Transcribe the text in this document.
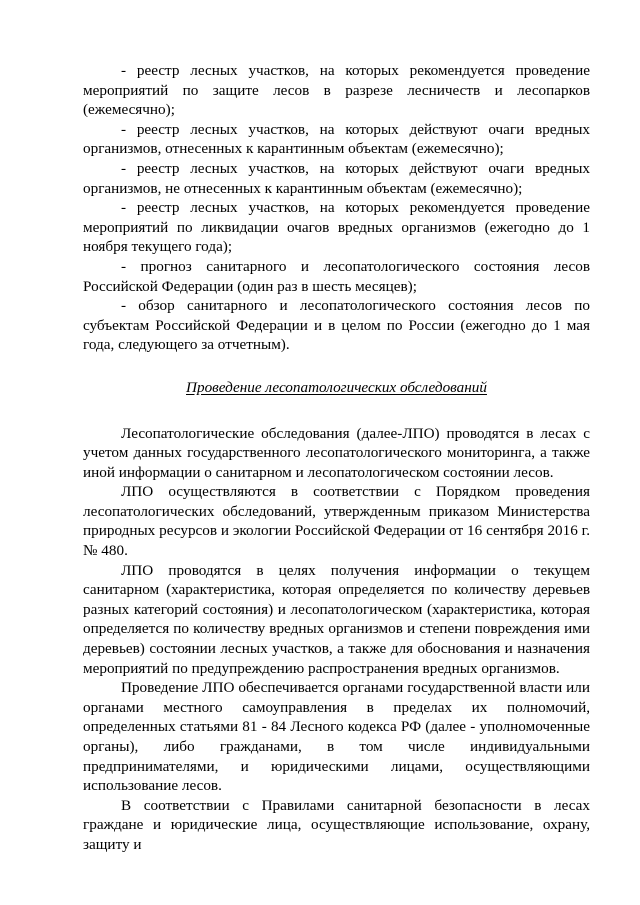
- реестр лесных участков, на которых рекомендуется проведение мероприятий по защите лесов в разрезе лесничеств и лесопарков (ежемесячно);

- реестр лесных участков, на которых действуют очаги вредных организмов, отнесенных к карантинным объектам (ежемесячно);

- реестр лесных участков, на которых действуют очаги вредных организмов, не отнесенных к карантинным объектам (ежемесячно);

- реестр лесных участков, на которых рекомендуется проведение мероприятий по ликвидации очагов вредных организмов (ежегодно до 1 ноября текущего года);

- прогноз санитарного и лесопатологического состояния лесов Российской Федерации (один раз в шесть месяцев);

- обзор санитарного и лесопатологического состояния лесов по субъектам Российской Федерации и в целом по России (ежегодно до 1 мая года, следующего за отчетным).

Проведение лесопатологических обследований

Лесопатологические обследования (далее-ЛПО) проводятся в лесах с учетом данных государственного лесопатологического мониторинга, а также иной информации о санитарном и лесопатологическом состоянии лесов.

ЛПО осуществляются в соответствии с Порядком проведения лесопатологических обследований, утвержденным приказом Министерства природных ресурсов и экологии Российской Федерации от 16 сентября 2016 г. № 480.

ЛПО проводятся в целях получения информации о текущем санитарном (характеристика, которая определяется по количеству деревьев разных категорий состояния) и лесопатологическом (характеристика, которая определяется по количеству вредных организмов и степени повреждения ими деревьев) состоянии лесных участков, а также для обоснования и назначения мероприятий по предупреждению распространения вредных организмов.

Проведение ЛПО обеспечивается органами государственной власти или органами местного самоуправления в пределах их полномочий, определенных статьями 81 - 84 Лесного кодекса РФ (далее - уполномоченные органы), либо гражданами, в том числе индивидуальными предпринимателями, и юридическими лицами, осуществляющими использование лесов.

В соответствии с Правилами санитарной безопасности в лесах граждане и юридические лица, осуществляющие использование, охрану, защиту и
